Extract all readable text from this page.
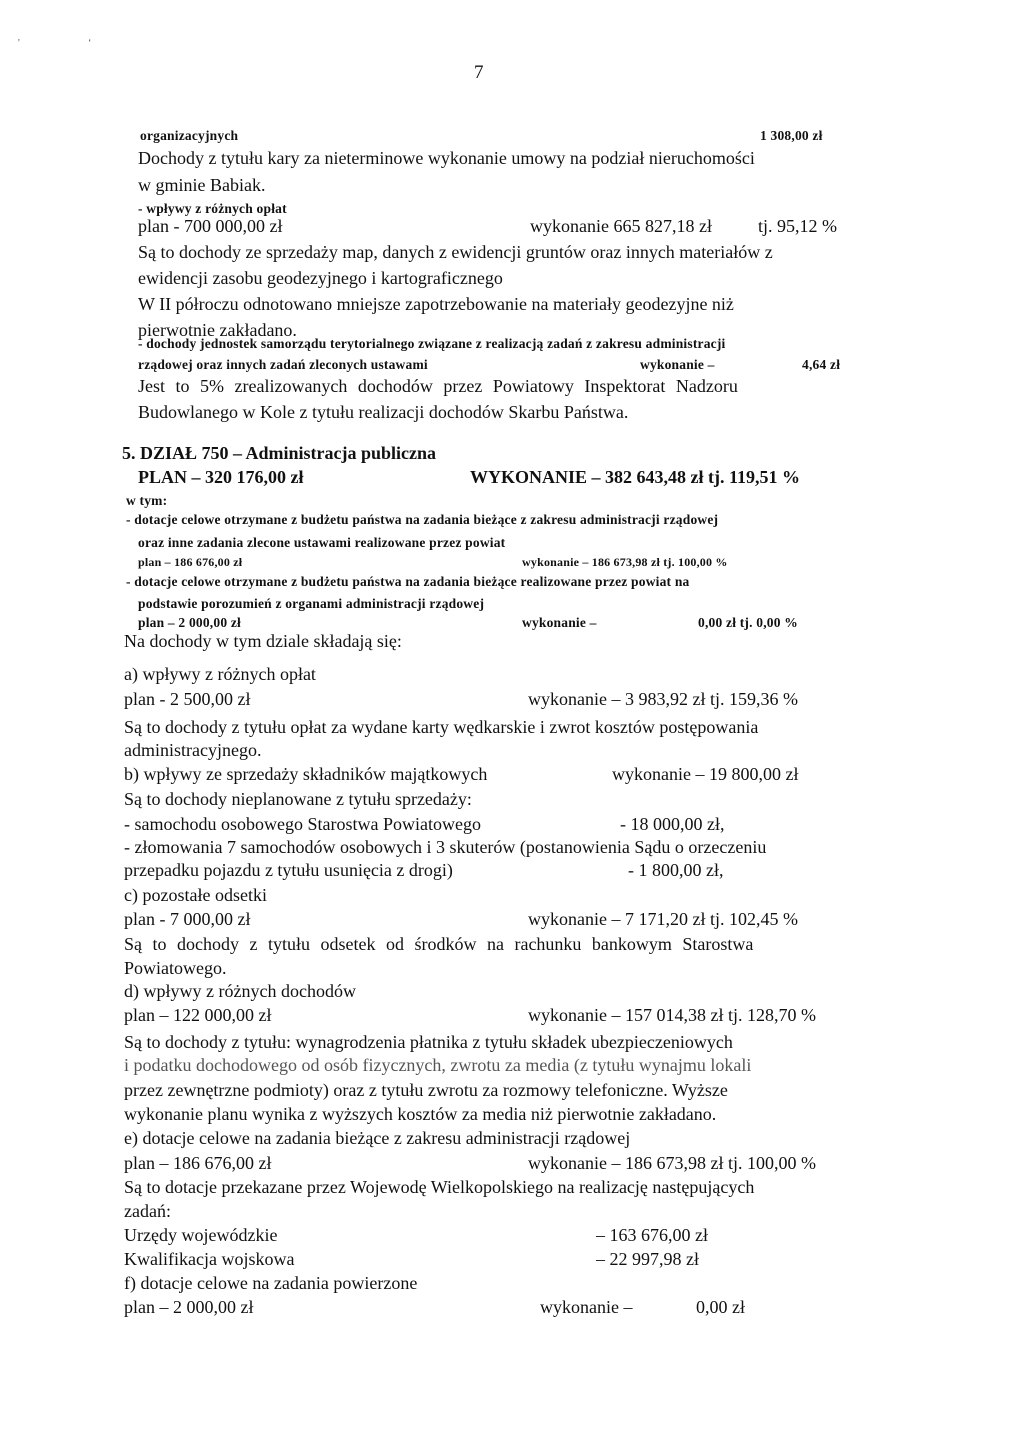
'	ʻ
7
organizacyjnych	1 308,00 zł
Dochody z tytułu kary za nieterminowe wykonanie umowy na podział nieruchomości
w gminie Babiak.
- wpływy z różnych opłat
plan - 700 000,00 zł	wykonanie 665 827,18 zł	tj. 95,12 %
Są to dochody ze sprzedaży map, danych z ewidencji gruntów oraz innych materiałów z
ewidencji zasobu geodezyjnego i kartograficznego
W II półroczu odnotowano mniejsze zapotrzebowanie na materiały geodezyjne niż
pierwotnie zakładano.
- dochody jednostek samorządu terytorialnego związane z realizacją zadań z zakresu administracji
rządowej oraz innych zadań zleconych ustawami	wykonanie –	4,64 zł
Jest to 5% zrealizowanych dochodów przez Powiatowy Inspektorat Nadzoru
Budowlanego w Kole z tytułu realizacji dochodów Skarbu Państwa.
5. DZIAŁ 750 – Administracja publiczna
PLAN – 320 176,00 zł	WYKONANIE – 382 643,48 zł tj. 119,51 %
w tym:
- dotacje celowe otrzymane z budżetu państwa na zadania bieżące z zakresu administracji rządowej
oraz inne zadania zlecone ustawami realizowane przez powiat
plan – 186 676,00 zł	wykonanie – 186 673,98 zł tj. 100,00 %
- dotacje celowe otrzymane z budżetu państwa na zadania bieżące realizowane przez powiat na
podstawie porozumień z organami administracji rządowej
plan – 2 000,00 zł	wykonanie –	0,00 zł tj. 0,00 %
Na dochody w tym dziale składają się:
a) wpływy z różnych opłat
plan - 2 500,00 zł	wykonanie – 3 983,92 zł tj. 159,36 %
Są to dochody z tytułu opłat za wydane karty wędkarskie i zwrot kosztów postępowania
administracyjnego.
b) wpływy ze sprzedaży składników majątkowych	wykonanie – 19 800,00 zł
Są to dochody nieplanowane z tytułu sprzedaży:
- samochodu osobowego Starostwa Powiatowego	- 18 000,00 zł,
- złomowania 7 samochodów osobowych i 3 skuterów (postanowienia Sądu o orzeczeniu
przepadku pojazdu z tytułu usunięcia z drogi)	- 1 800,00 zł,
c) pozostałe odsetki
plan - 7 000,00 zł	wykonanie – 7 171,20 zł tj. 102,45 %
Są to dochody z tytułu odsetek od środków na rachunku bankowym Starostwa
Powiatowego.
d) wpływy z różnych dochodów
plan – 122 000,00 zł	wykonanie – 157 014,38 zł tj. 128,70 %
Są to dochody z tytułu: wynagrodzenia płatnika z tytułu składek ubezpieczeniowych
i podatku dochodowego od osób fizycznych, zwrotu za media (z tytułu wynajmu lokali
przez zewnętrzne podmioty) oraz z tytułu zwrotu za rozmowy telefoniczne. Wyższe
wykonanie planu wynika z wyższych kosztów za media niż pierwotnie zakładano.
e) dotacje celowe na zadania bieżące z zakresu administracji rządowej
plan – 186 676,00 zł	wykonanie – 186 673,98 zł tj. 100,00 %
Są to dotacje przekazane przez Wojewodę Wielkopolskiego na realizację następujących
zadań:
Urzędy wojewódzkie	– 163 676,00 zł
Kwalifikacja wojskowa	– 22 997,98 zł
f) dotacje celowe na zadania powierzone
plan – 2 000,00 zł	wykonanie –	0,00 zł
